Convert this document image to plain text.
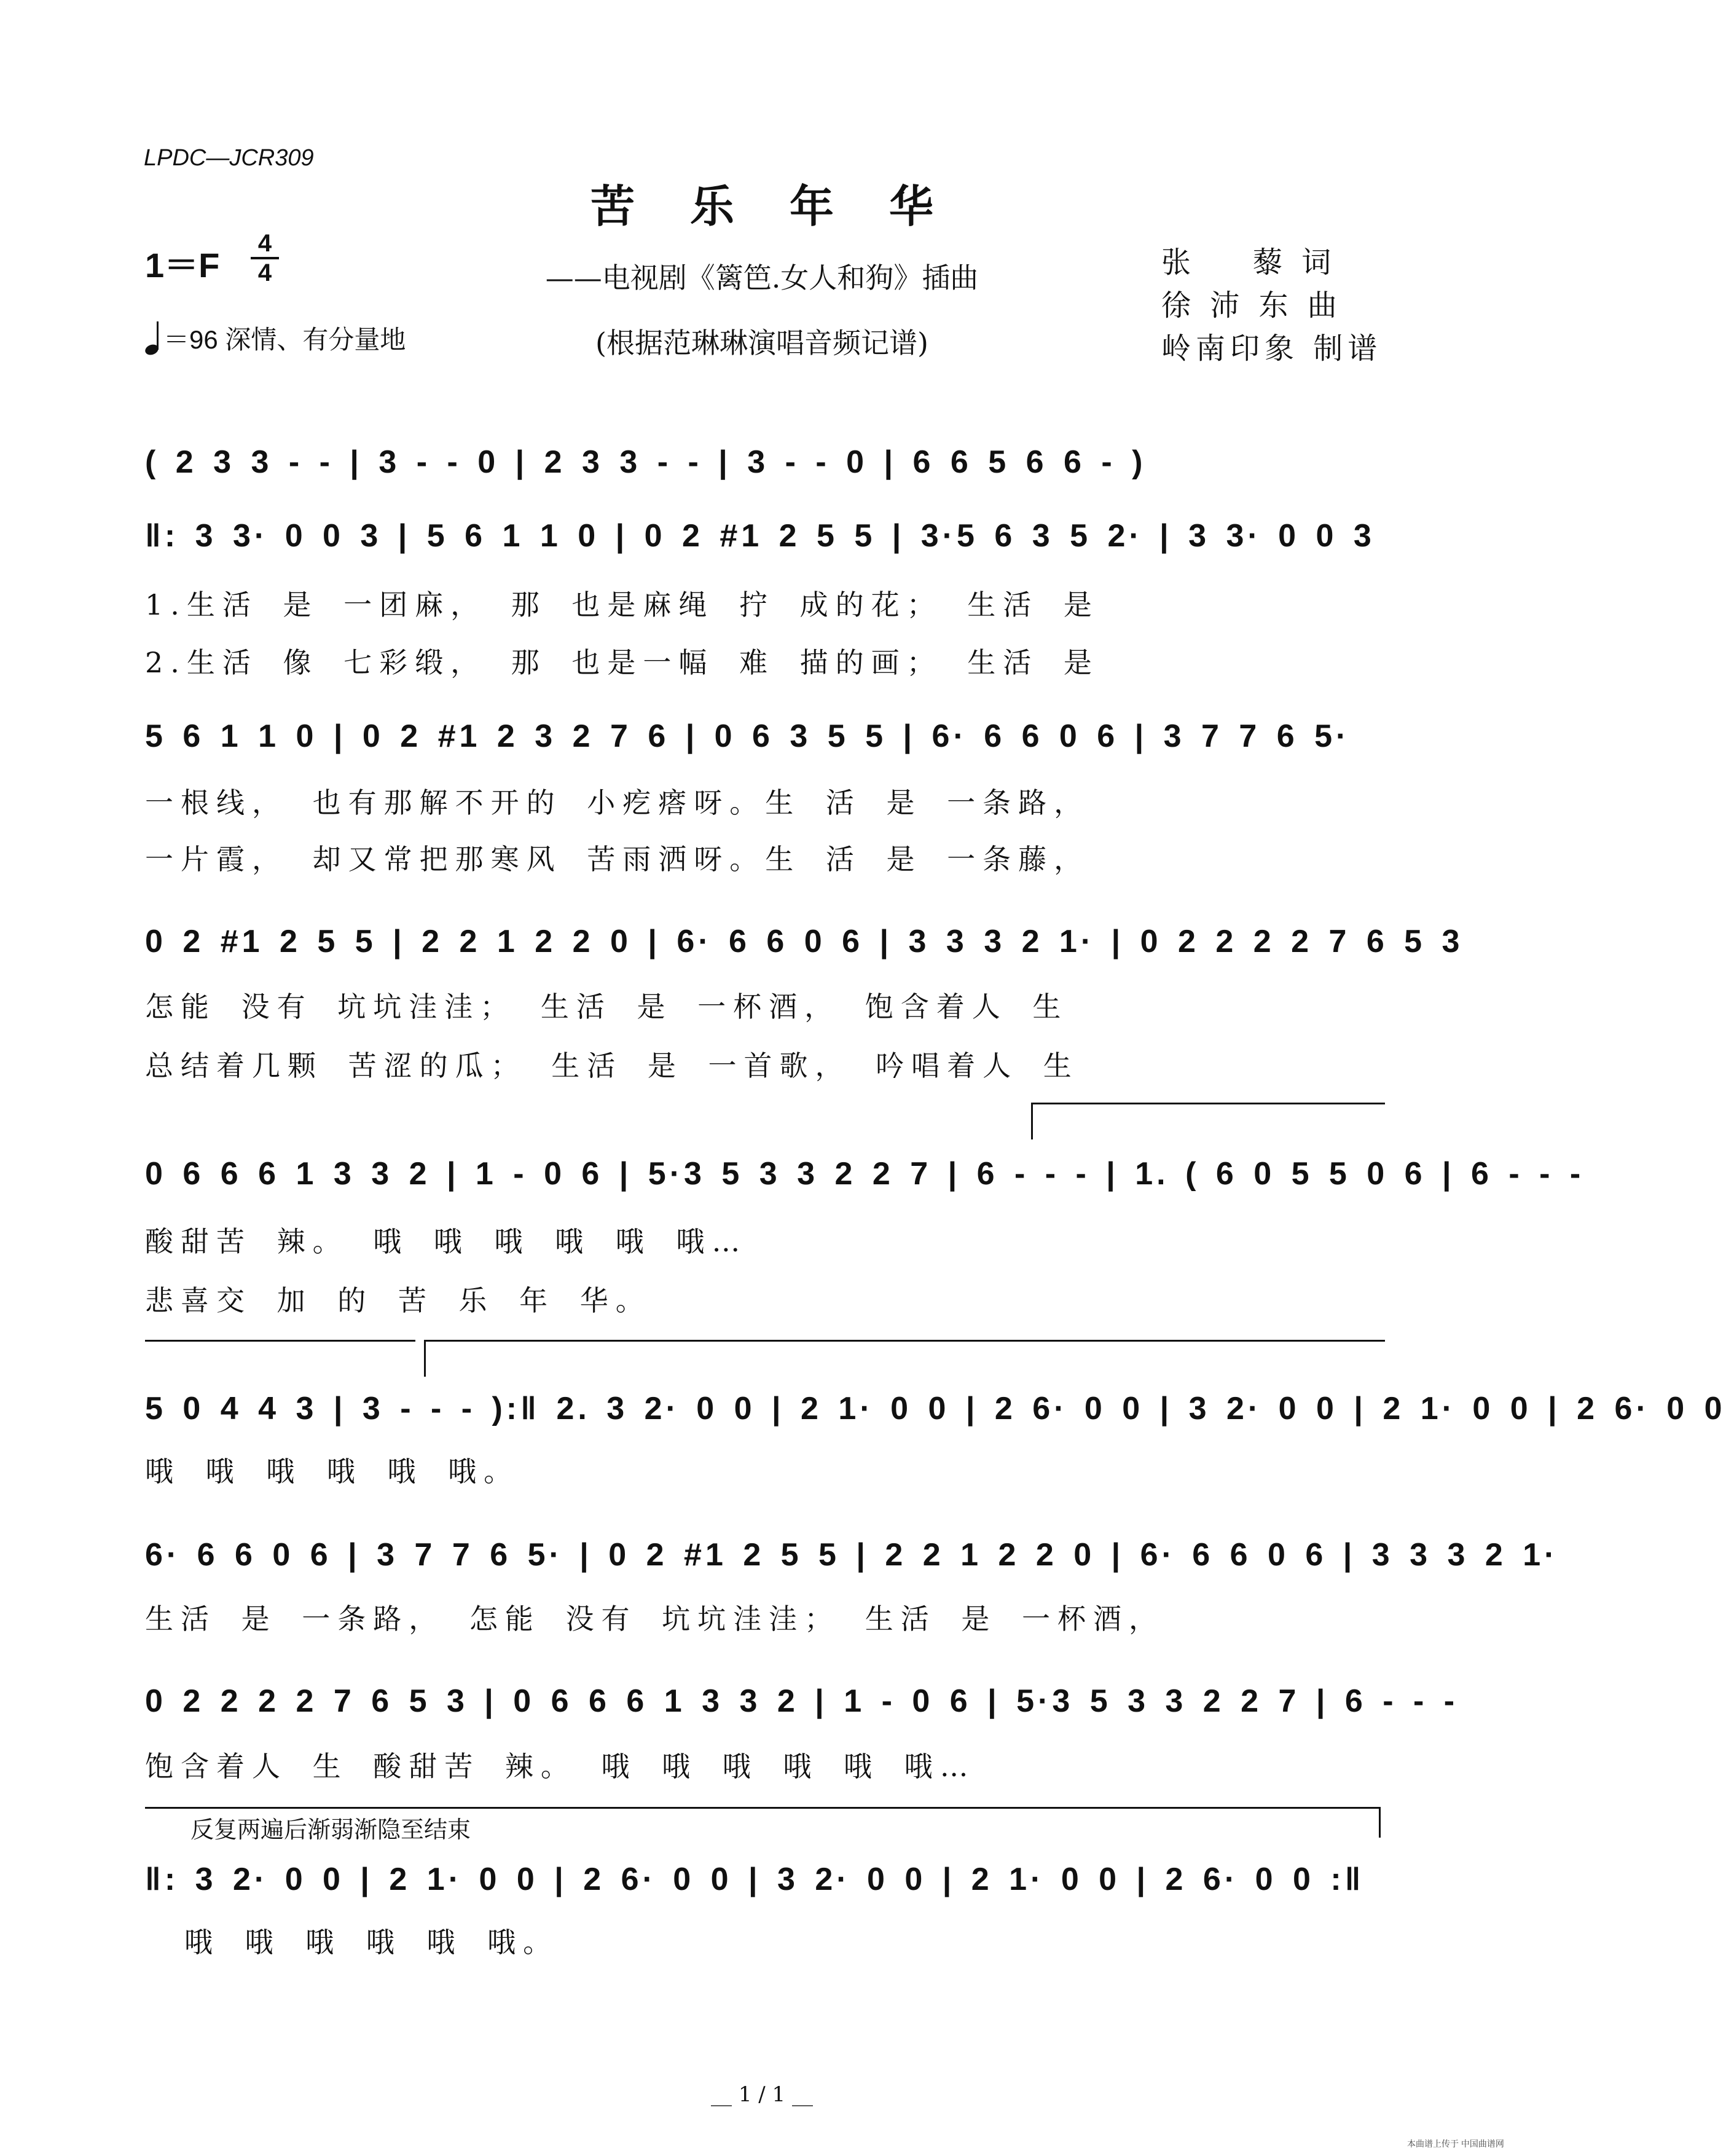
LPDC—JCR309
苦乐年华
1＝F
4
4
＝96 深情、有分量地
——电视剧《篱笆.女人和狗》插曲
(根据范琳琳演唱音频记谱)
张    藜 词
徐 沛 东 曲
岭南印象 制谱
( 2 3 3 - - | 3 - - 0 | 2 3 3 - - | 3 - - 0 | 6 6 5 6 6 - )
‖: 3 3· 0 0 3 | 5 6 1 1 0 | 0 2 #1 2 5 5 | 3·5 6 3 5 2· | 3 3· 0 0 3
1.生活 是 一团麻， 那 也是麻绳 拧 成的花； 生活 是
2.生活 像 七彩缎， 那 也是一幅 难 描的画； 生活 是
5 6 1 1 0 | 0 2 #1 2 3 2 7 6 | 0 6 3 5 5 | 6· 6 6 0 6 | 3 7 7 6 5·
一根线， 也有那解不开的 小疙瘩呀。生 活 是 一条路，
一片霞， 却又常把那寒风 苦雨洒呀。生 活 是 一条藤，
0 2 #1 2 5 5 | 2 2 1 2 2 0 | 6· 6 6 0 6 | 3 3 3 2 1· | 0 2 2 2 2 7 6 5 3
怎能 没有 坑坑洼洼； 生活 是 一杯酒， 饱含着人 生
总结着几颗 苦涩的瓜； 生活 是 一首歌， 吟唱着人 生
0 6 6 6 1 3 3 2 | 1 - 0 6 | 5·3 5 3 3 2 2 7 | 6 - - - | 1. ( 6 0 5 5 0 6 | 6 - - -
酸甜苦 辣。 哦 哦 哦 哦 哦 哦…
悲喜交 加 的 苦 乐 年 华。
5 0 4 4 3 | 3 - - - ):‖ 2. 3 2· 0 0 | 2 1· 0 0 | 2 6· 0 0 | 3 2· 0 0 | 2 1· 0 0 | 2 6· 0 0
哦 哦 哦 哦 哦 哦。
6· 6 6 0 6 | 3 7 7 6 5· | 0 2 #1 2 5 5 | 2 2 1 2 2 0 | 6· 6 6 0 6 | 3 3 3 2 1·
生活 是 一条路， 怎能 没有 坑坑洼洼； 生活 是 一杯酒，
0 2 2 2 2 7 6 5 3 | 0 6 6 6 1 3 3 2 | 1 - 0 6 | 5·3 5 3 3 2 2 7 | 6 - - -
饱含着人 生 酸甜苦 辣。 哦 哦 哦 哦 哦 哦…
反复两遍后渐弱渐隐至结束
‖: 3 2· 0 0 | 2 1· 0 0 | 2 6· 0 0 | 3 2· 0 0 | 2 1· 0 0 | 2 6· 0 0 :‖
哦 哦 哦 哦 哦 哦。
__ 1 / 1 __
本曲谱上传于 中国曲谱网
